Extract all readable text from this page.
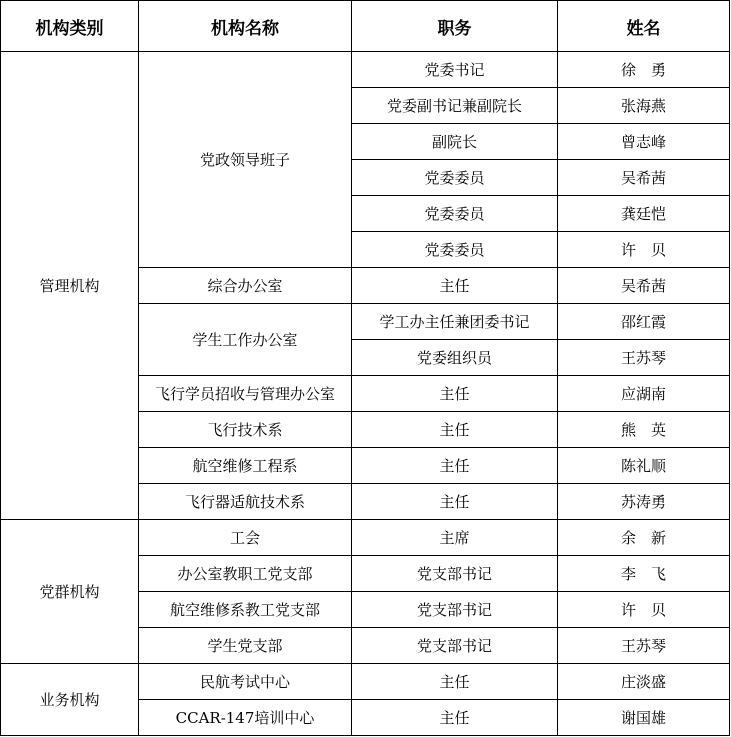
机构类别	机构名称	职务	姓名
管理机构	党政领导班子	党委书记	徐　勇
		党委副书记兼副院长	张海燕
		副院长	曾志峰
		党委委员	吴希茜
		党委委员	龚廷恺
		党委委员	许　贝
	综合办公室	主任	吴希茜
	学生工作办公室	学工办主任兼团委书记	邵红霞
		党委组织员	王苏琴
	飞行学员招收与管理办公室	主任	应湖南
	飞行技术系	主任	熊　英
	航空维修工程系	主任	陈礼顺
	飞行器适航技术系	主任	苏涛勇
党群机构	工会	主席	余　新
	办公室教职工党支部	党支部书记	李　飞
	航空维修系教工党支部	党支部书记	许　贝
	学生党支部	党支部书记	王苏琴
业务机构	民航考试中心	主任	庄淡盛
	CCAR-147培训中心	主任	谢国雄
